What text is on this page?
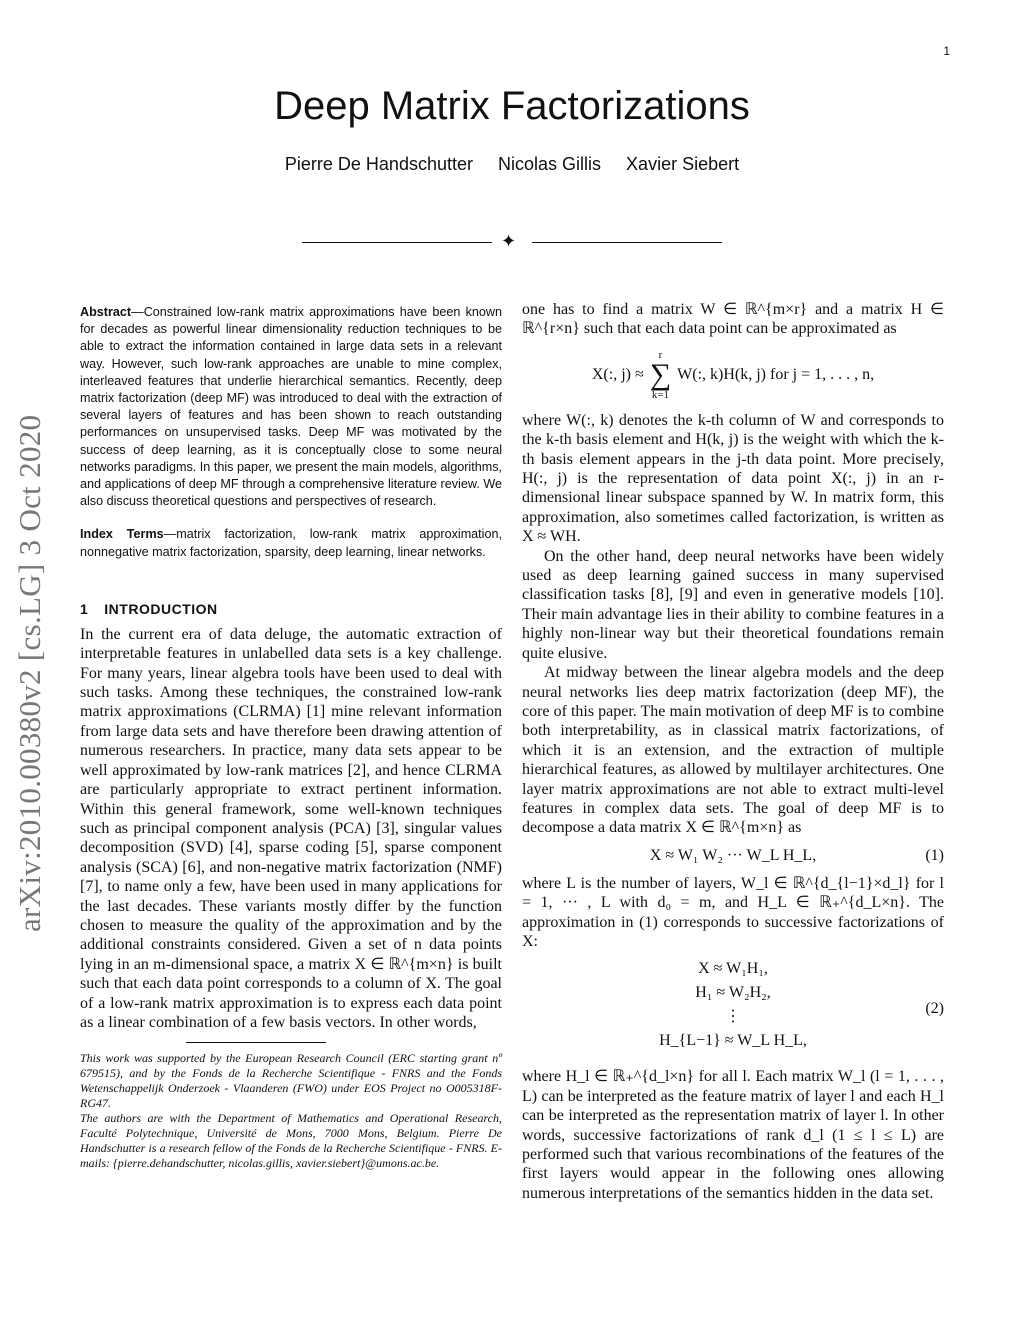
1
Deep Matrix Factorizations
Pierre De Handschutter Nicolas Gillis Xavier Siebert
✦
arXiv:2010.00380v2 [cs.LG] 3 Oct 2020

Abstract—Constrained low-rank matrix approximations have been known for decades as powerful linear dimensionality reduction techniques to be able to extract the information contained in large data sets in a relevant way. However, such low-rank approaches are unable to mine complex, interleaved features that underlie hierarchical semantics. Recently, deep matrix factorization (deep MF) was introduced to deal with the extraction of several layers of features and has been shown to reach outstanding performances on unsupervised tasks. Deep MF was motivated by the success of deep learning, as it is conceptually close to some neural networks paradigms. In this paper, we present the main models, algorithms, and applications of deep MF through a comprehensive literature review. We also discuss theoretical questions and perspectives of research.

Index Terms—matrix factorization, low-rank matrix approximation, nonnegative matrix factorization, sparsity, deep learning, linear networks.

1 INTRODUCTION

In the current era of data deluge, the automatic extraction of interpretable features in unlabelled data sets is a key challenge. For many years, linear algebra tools have been used to deal with such tasks. Among these techniques, the constrained low-rank matrix approximations (CLRMA) [1] mine relevant information from large data sets and have therefore been drawing attention of numerous researchers. In practice, many data sets appear to be well approximated by low-rank matrices [2], and hence CLRMA are particularly appropriate to extract pertinent information. Within this general framework, some well-known techniques such as principal component analysis (PCA) [3], singular values decomposition (SVD) [4], sparse coding [5], sparse component analysis (SCA) [6], and non-negative matrix factorization (NMF) [7], to name only a few, have been used in many applications for the last decades. These variants mostly differ by the function chosen to measure the quality of the approximation and by the additional constraints considered. Given a set of n data points lying in an m-dimensional space, a matrix X ∈ ℝ^{m×n} is built such that each data point corresponds to a column of X. The goal of a low-rank matrix approximation is to express each data point as a linear combination of a few basis vectors. In other words,

This work was supported by the European Research Council (ERC starting grant nº 679515), and by the Fonds de la Recherche Scientifique - FNRS and the Fonds Wetenschappelijk Onderzoek - Vlaanderen (FWO) under EOS Project no O005318F-RG47.

The authors are with the Department of Mathematics and Operational Research, Faculté Polytechnique, Université de Mons, 7000 Mons, Belgium. Pierre De Handschutter is a research fellow of the Fonds de la Recherche Scientifique - FNRS. E-mails: {pierre.dehandschutter, nicolas.gillis, xavier.siebert}@umons.ac.be.

one has to find a matrix W ∈ ℝ^{m×r} and a matrix H ∈ ℝ^{r×n} such that each data point can be approximated as

X(:, j) ≈
r
∑
k=1
W(:, k)H(k, j) for j = 1, . . . , n,

where W(:, k) denotes the k-th column of W and corresponds to the k-th basis element and H(k, j) is the weight with which the k-th basis element appears in the j-th data point. More precisely, H(:, j) is the representation of data point X(:, j) in an r-dimensional linear subspace spanned by W. In matrix form, this approximation, also sometimes called factorization, is written as X ≈ WH.

On the other hand, deep neural networks have been widely used as deep learning gained success in many supervised classification tasks [8], [9] and even in generative models [10]. Their main advantage lies in their ability to combine features in a highly non-linear way but their theoretical foundations remain quite elusive.

At midway between the linear algebra models and the deep neural networks lies deep matrix factorization (deep MF), the core of this paper. The main motivation of deep MF is to combine both interpretability, as in classical matrix factorizations, of which it is an extension, and the extraction of multiple hierarchical features, as allowed by multilayer architectures. One layer matrix approximations are not able to extract multi-level features in complex data sets. The goal of deep MF is to decompose a data matrix X ∈ ℝ^{m×n} as

X ≈ W₁ W₂ ··· W_L H_L,	(1)

where L is the number of layers, W_l ∈ ℝ^{d_{l−1}×d_l} for l = 1, ··· , L with d₀ = m, and H_L ∈ ℝ₊^{d_L×n}. The approximation in (1) corresponds to successive factorizations of X:

X ≈ W₁H₁,
H₁ ≈ W₂H₂,
⋮
H_{L−1} ≈ W_L H_L,
(2)

where H_l ∈ ℝ₊^{d_l×n} for all l. Each matrix W_l (l = 1, . . . , L) can be interpreted as the feature matrix of layer l and each H_l can be interpreted as the representation matrix of layer l. In other words, successive factorizations of rank d_l (1 ≤ l ≤ L) are performed such that various recombinations of the features of the first layers would appear in the following ones allowing numerous interpretations of the semantics hidden in the data set.
